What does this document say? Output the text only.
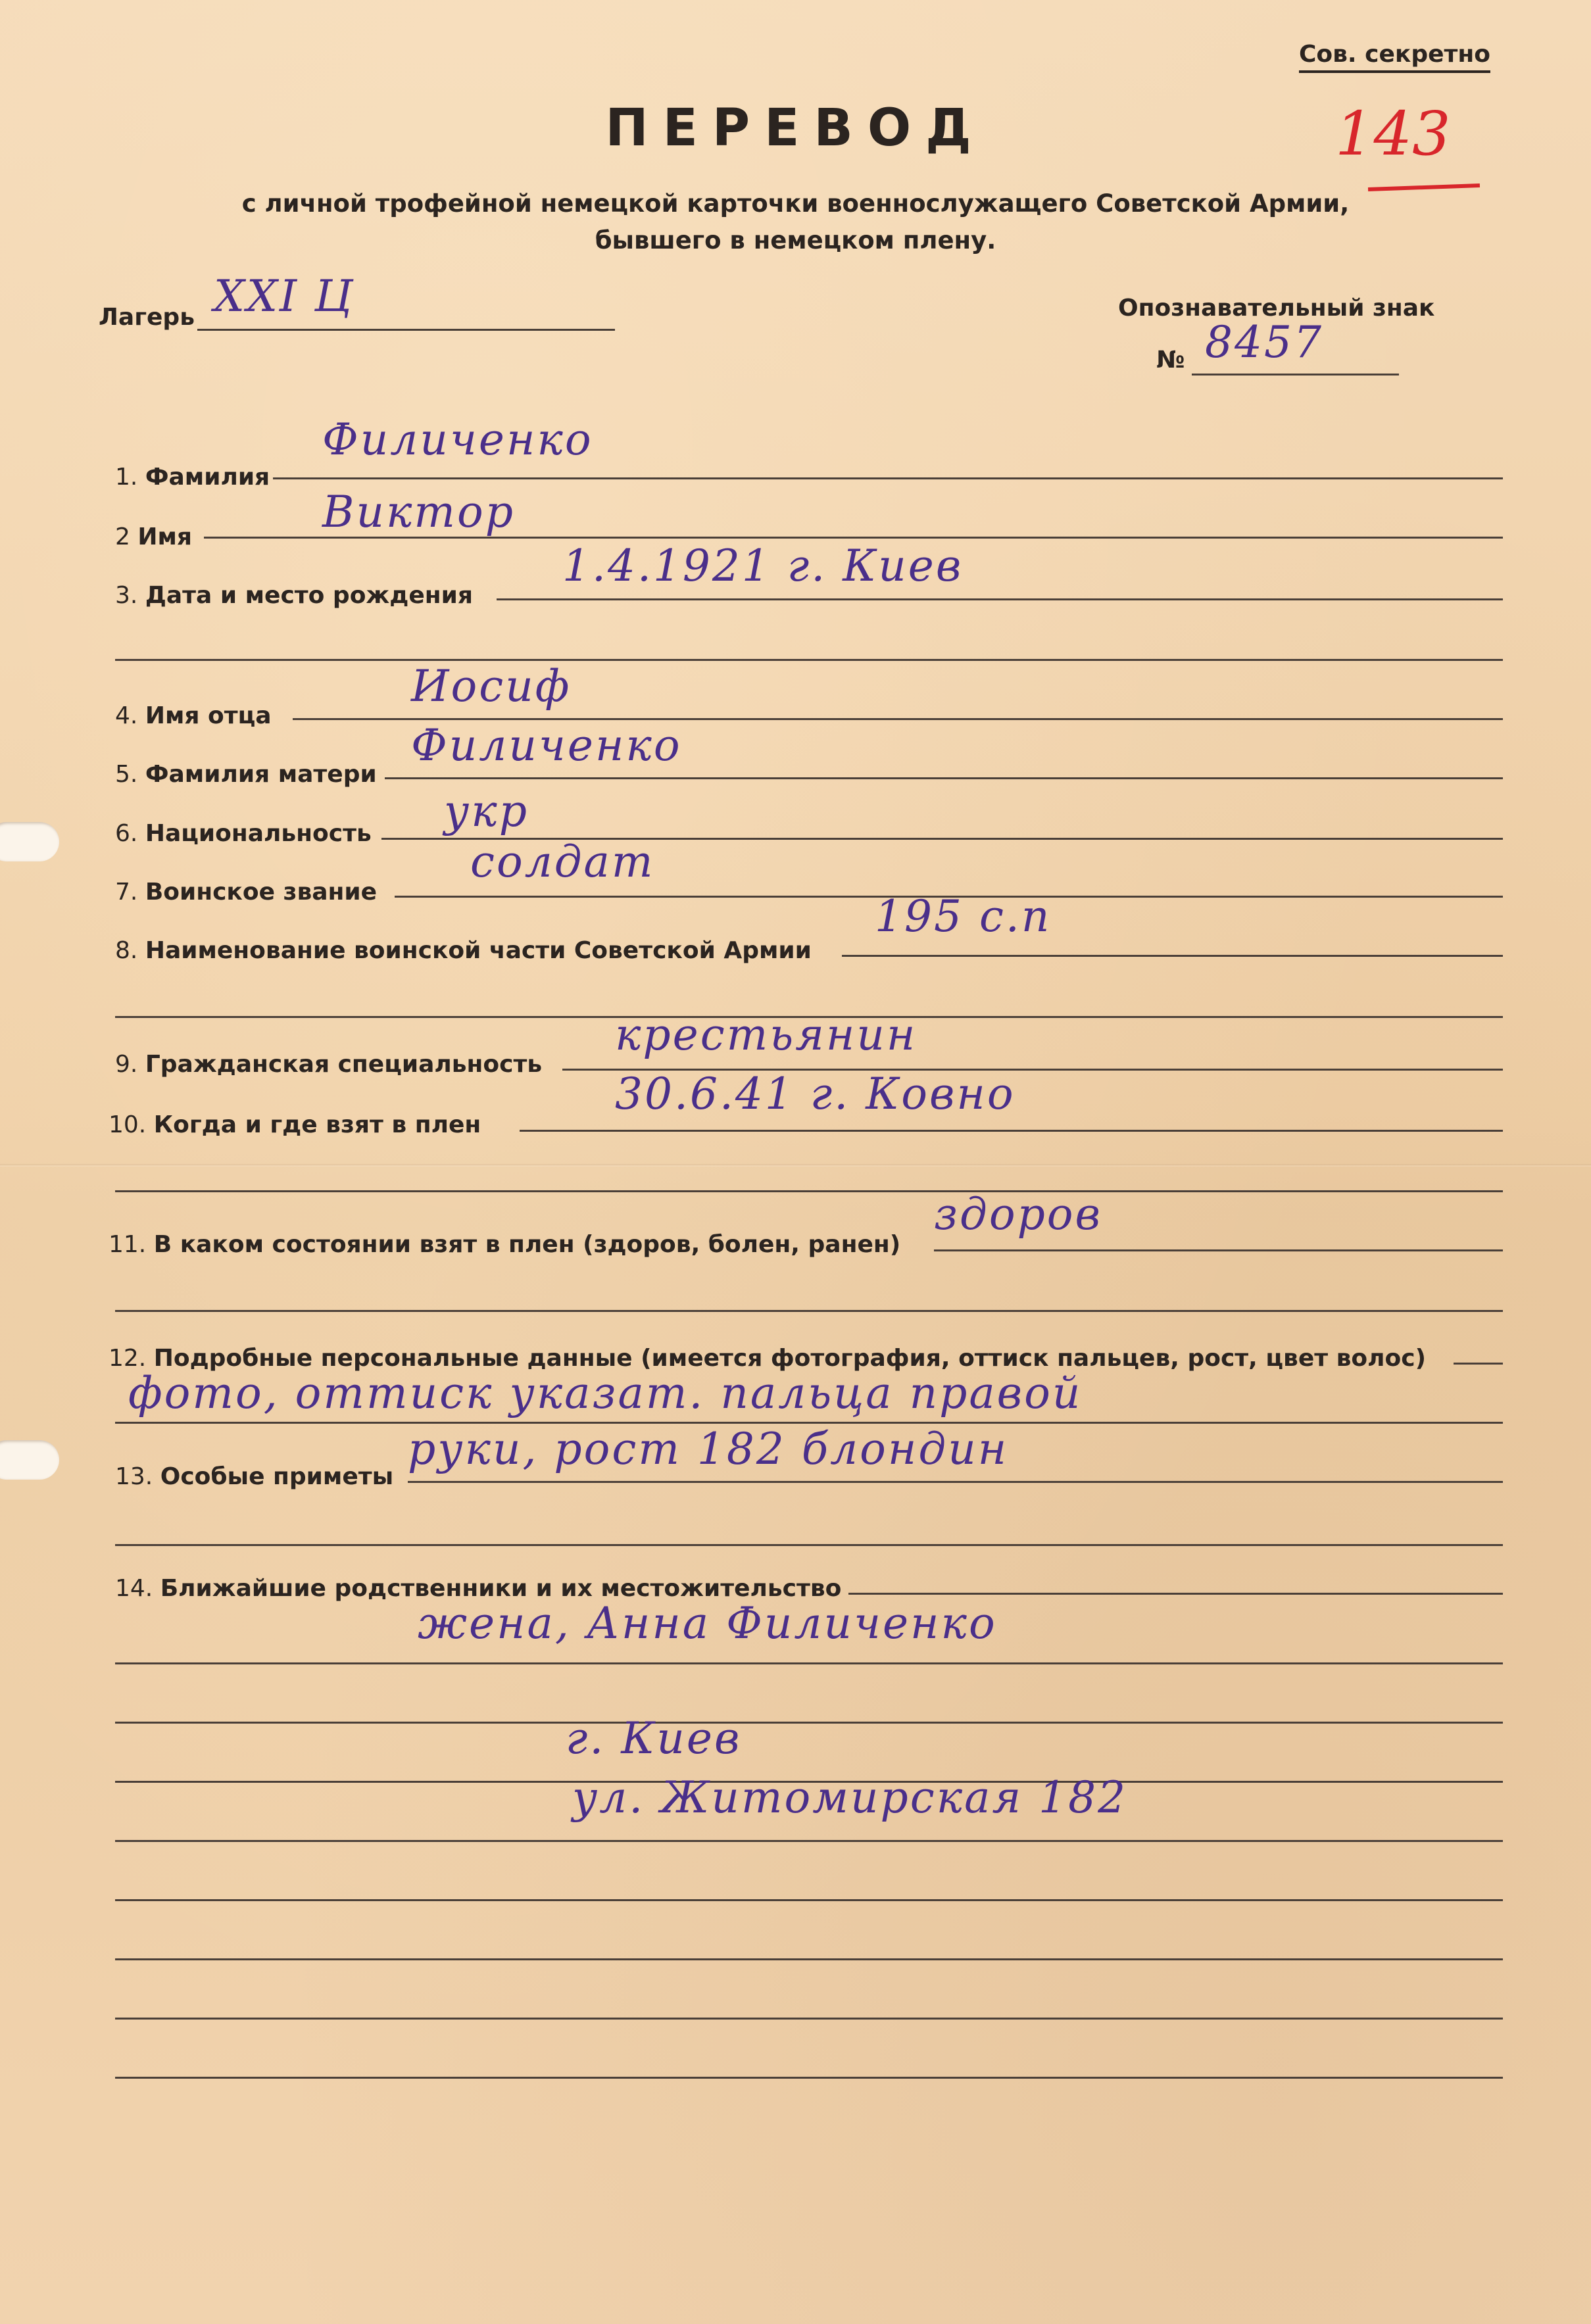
Сов. секретно
143
ПЕРЕВОД
с личной трофейной немецкой карточки военнослужащего Советской Армии,
бывшего в немецком плену.
Лагерь XXI Ц	Опознавательный знак
№ 8457
1. Фамилия
Филиченко
2 Имя	Виктор
3. Дата и место рождения
1.4.1921 г. Киев
4. Имя отца
Иосиф
5. Фамилия матери
Филиченко
6. Национальность укр
7. Воинское звание
солдат
8. Наименование воинской части Советской Армии
195 с.п
9. Гражданская специальность
крестьянин
10. Когда и где взят в плен
30.6.41 г. Ковно
11. В каком состоянии взят в плен (здоров, болен, ранен)
здоров
12. Подробные персональные данные (имеется фотография, оттиск пальцев, рост, цвет волос)
фото, оттиск указат. пальца правой
13. Особые приметы
руки, рост 182 блондин
14. Ближайшие родственники и их местожительство
жена, Анна Филиченко
г. Киев
ул. Житомирская 182
